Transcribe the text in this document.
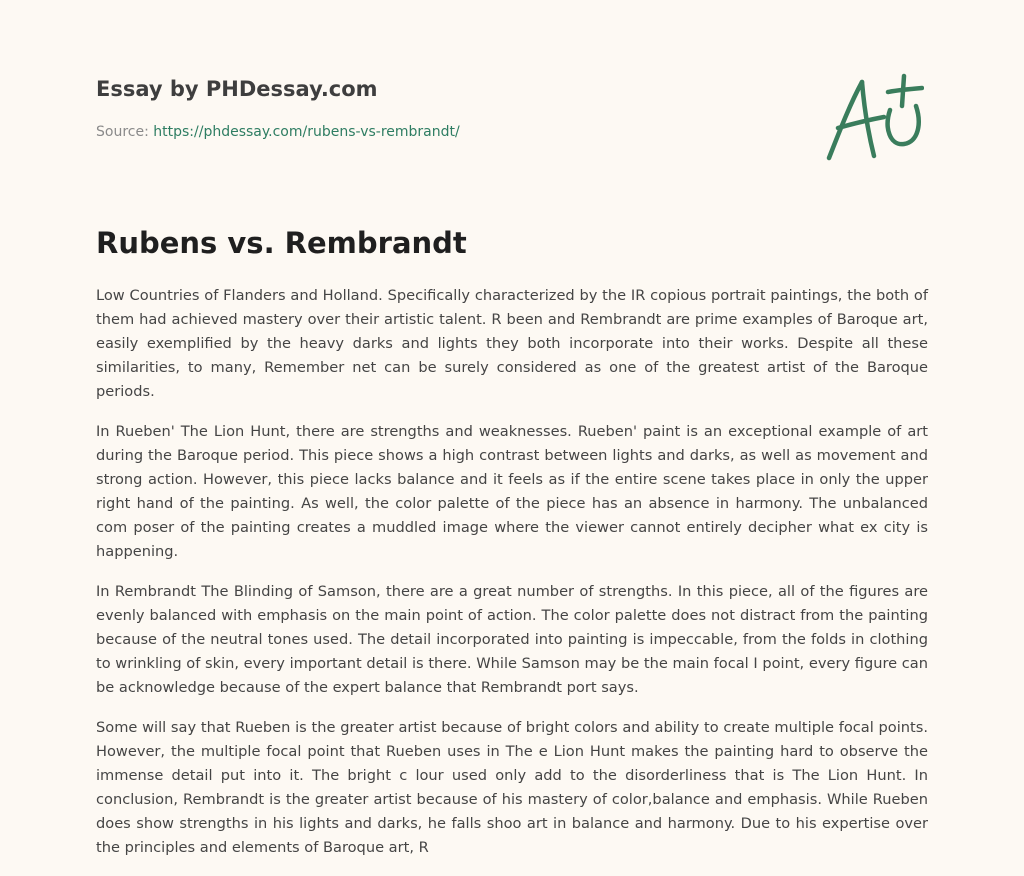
Essay by PHDessay.com
Source: https://phdessay.com/rubens-vs-rembrandt/
Rubens vs. Rembrandt

Low Countries of Flanders and Holland. Specifically characterized by the IR copious portrait paintings, the both of them had achieved mastery over their artistic talent. R been and Rembrandt are prime examples of Baroque art, easily exemplified by the heavy darks and lights they both incorporate into their works. Despite all these similarities, to many, Remember net can be surely considered as one of the greatest artist of the Baroque periods.

In Rueben' The Lion Hunt, there are strengths and weaknesses. Rueben' paint is an exceptional example of art during the Baroque period. This piece shows a high contrast between lights and darks, as well as movement and strong action. However, this piece lacks balance and it feels as if the entire scene takes place in only the upper right hand of the painting. As well, the color palette of the piece has an absence in harmony. The unbalanced com poser of the painting creates a muddled image where the viewer cannot entirely decipher what ex city is happening.

In Rembrandt The Blinding of Samson, there are a great number of strengths. In this piece, all of the figures are evenly balanced with emphasis on the main point of action. The color palette does not distract from the painting because of the neutral tones used. The detail incorporated into painting is impeccable, from the folds in clothing to wrinkling of skin, every important detail is there. While Samson may be the main focal I point, every figure can be acknowledge because of the expert balance that Rembrandt port says.

Some will say that Rueben is the greater artist because of bright colors and ability to create multiple focal points. However, the multiple focal point that Rueben uses in The e Lion Hunt makes the painting hard to observe the immense detail put into it. The bright c lour used only add to the disorderliness that is The Lion Hunt. In conclusion, Rembrandt is the greater artist because of his mastery of color,balance and emphasis. While Rueben does show strengths in his lights and darks, he falls shoo art in balance and harmony. Due to his expertise over the principles and elements of Baroque art, R
